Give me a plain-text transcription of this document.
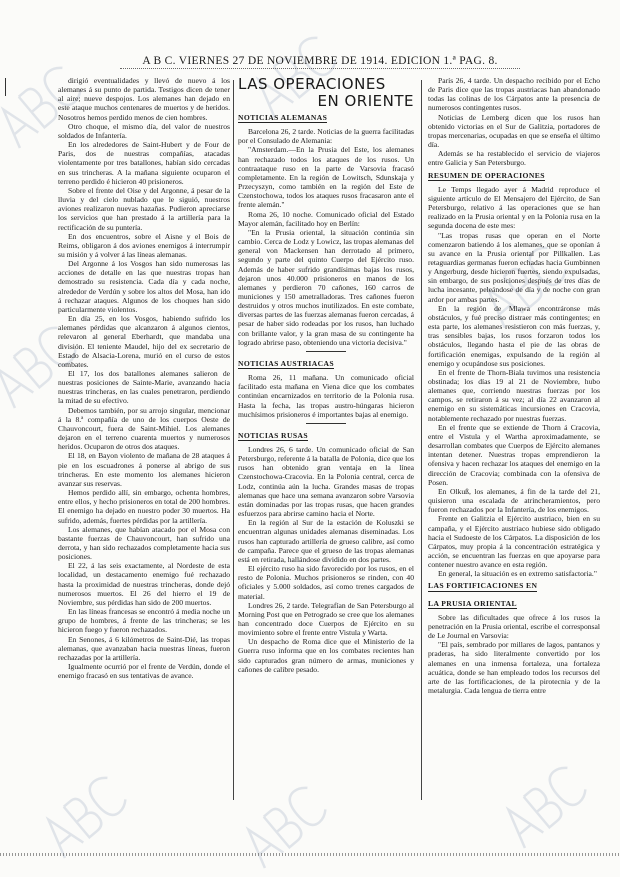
A B C. VIERNES 27 DE NOVIEMBRE DE 1914. EDICION 1.ª PAG. 8.

dirigió eventualidades y llevó de nuevo á los alemanes á su punto de partida. Testigos dicen de tener al aire; nueve despojos. Los alemanes han dejado en este ataque muchos centenares de muertos y de heridos. Nosotros hemos perdido menos de cien hombres.

Otro choque, el mismo día, del valor de nuestros soldados de Infantería.

En los alrededores de Saint-Hubert y de Four de Paris, dos de nuestras compañías, atacadas violentamente por tres batallones, habían sido cercadas en sus trincheras. A la mañana siguiente ocuparon el terreno perdido é hicieron 40 prisioneros.

Sobre el frente del Oise y del Argonne, á pesar de la lluvia y del cielo nublado que le siguió, nuestros aviones realizaron nuevas hazañas. Pudieron apreciarse los servicios que han prestado á la artillería para la rectificación de su puntería.

En dos encuentros, sobre el Aisne y el Bois de Reims, obligaron á dos aviones enemigos á interrumpir su misión y á volver á las líneas alemanas.

Del Argonne á los Vosgos han sido numerosas las acciones de detalle en las que nuestras tropas han demostrado su resistencia. Cada día y cada noche, alrededor de Verdún y sobre los altos del Mosa, han ido á rechazar ataques. Algunos de los choques han sido particularmente violentos.

En día 25, en los Vosgos, habiendo sufrido los alemanes pérdidas que alcanzaron á algunos cientos, relevaron al general Eberhardt, que mandaba una división. El teniente Maudel, hijo del ex secretario de Estado de Alsacia-Lorena, murió en el curso de estos combates.

El 17, los dos batallones alemanes salieron de nuestras posiciones de Sainte-Marie, avanzando hacia nuestras trincheras, en las cuales penetraron, perdiendo la mitad de su efectivo.

Debemos también, por su arrojo singular, mencionar á la 8.ª compañía de uno de los cuerpos Oeste de Chauvoncourt, fuera de Saint-Mihiel. Los alemanes dejaron en el terreno cuarenta muertos y numerosos heridos. Ocuparon de otros dos ataques.

El 18, en Bayon violento de mañana de 28 ataques á pie en los escuadrones á ponerse al abrigo de sus trincheras. En este momento los alemanes hicieron avanzar sus reservas.

Hemos perdido allí, sin embargo, ochenta hombres, entre ellos, y hecho prisioneros en total de 200 hombres. El enemigo ha dejado en nuestro poder 30 muertos. Ha sufrido, además, fuertes pérdidas por la artillería.

Los alemanes, que habían atacado por el Mosa con bastante fuerzas de Chauvoncourt, han sufrido una derrota, y han sido rechazados completamente hacia sus posiciones.

El 22, á las seis exactamente, al Nordeste de esta localidad, un destacamento enemigo fué rechazado hasta la proximidad de nuestras trincheras, donde dejó numerosos muertos. El 26 del hierro el 19 de Noviembre, sus pérdidas han sido de 200 muertos.

En las líneas francesas se encontró á media noche un grupo de hombres, á frente de las trincheras; se les hicieron fuego y fueron rechazados.

En Senones, á 6 kilómetros de Saint-Dié, las tropas alemanas, que avanzaban hacia nuestras líneas, fueron rechazadas por la artillería.

Igualmente ocurrió por el frente de Verdún, donde el enemigo fracasó en sus tentativas de avance.

LAS OPERACIONES
EN ORIENTE

NOTICIAS ALEMANAS

Barcelona 26, 2 tarde. Noticias de la guerra facilitadas por el Consulado de Alemania:

"Amsterdam.—En la Prusia del Este, los alemanes han rechazado todos los ataques de los rusos. Un contraataque ruso en la parte de Varsovia fracasó completamente. En la región de Lowitsch, Sdunskaja y Przecyszyn, como también en la región del Este de Czenstochowa, todos los ataques rusos fracasaron ante el frente alemán."

Roma 26, 10 noche. Comunicado oficial del Estado Mayor alemán, facilitado hoy en Berlín:

"En la Prusia oriental, la situación continúa sin cambio. Cerca de Lodz y Lowicz, las tropas alemanas del general von Mackensen han derrotado al primero, segundo y parte del quinto Cuerpo del Ejército ruso. Además de haber sufrido grandísimas bajas los rusos, dejaron unos 40.000 prisioneros en manos de los alemanes y perdieron 70 cañones, 160 carros de municiones y 150 ametralladoras. Tres cañones fueron destruidos y otros muchos inutilizados. En este combate, diversas partes de las fuerzas alemanas fueron cercadas, á pesar de haber sido rodeadas por los rusos, han luchado con brillante valor, y la gran masa de su contingente ha logrado abrirse paso, obteniendo una victoria decisiva."

NOTICIAS AUSTRIACAS

Roma 26, 11 mañana. Un comunicado oficial facilitado esta mañana en Viena dice que los combates continúan encarnizados en territorio de la Polonia rusa. Hasta la fecha, las tropas austro-húngaras hicieron muchísimos prisioneros é importantes bajas al enemigo.

NOTICIAS RUSAS

Londres 26, 6 tarde. Un comunicado oficial de San Petersburgo, referente á la batalla de Polonia, dice que los rusos han obtenido gran ventaja en la línea Czenstochowa-Cracovia. En la Polonia central, cerca de Lodz, continúa aún la lucha. Grandes masas de tropas alemanas que hace una semana avanzaron sobre Varsovia están dominadas por las tropas rusas, que hacen grandes esfuerzos para abrirse camino hacia el Norte.

En la región al Sur de la estación de Koluszki se encuentran algunas unidades alemanas diseminadas. Los rusos han capturado artillería de grueso calibre, así como de campaña. Parece que el grueso de las tropas alemanas está en retirada, hallándose dividido en dos partes.

El ejército ruso ha sido favorecido por los rusos, en el resto de Polonia. Muchos prisioneros se rinden, con 40 oficiales y 5.000 soldados, así como trenes cargados de material.

Londres 26, 2 tarde. Telegrafían de San Petersburgo al Morning Post que en Petrogrado se cree que los alemanes han concentrado doce Cuerpos de Ejército en su movimiento sobre el frente entre Vistula y Warta.

Un despacho de Roma dice que el Ministerio de la Guerra ruso informa que en los combates recientes han sido capturados gran número de armas, municiones y cañones de calibre pesado.

París 26, 4 tarde. Un despacho recibido por el Echo de Paris dice que las tropas austriacas han abandonado todas las colinas de los Cárpatos ante la presencia de numerosos contingentes rusos.

Noticias de Lemberg dicen que los rusos han obtenido victorias en el Sur de Galitzia, portadores de tropas mercenarias, ocupadas en que se enseña el último día.

Además se ha restablecido el servicio de viajeros entre Galicia y San Petersburgo.

RESUMEN DE OPERACIONES

Le Temps llegado ayer á Madrid reproduce el siguiente artículo de El Mensajero del Ejército, de San Petersburgo, relativo á las operaciones que se han realizado en la Prusia oriental y en la Polonia rusa en la segunda docena de este mes:

"Las tropas rusas que operan en el Norte comenzaron batiendo á los alemanes, que se oponían á su avance en la Prusia oriental por Pillkallen. Las retaguardias germanas fueron echadas hacia Gumbinnen y Angerburg, desde hicieron fuertes, siendo expulsadas, sin embargo, de sus posiciones después de tres días de lucha incesante, peleándose de día y de noche con gran ardor por ambas partes.

En la región de Mlawa encontráronse más obstáculos, y fué preciso distraer más contingentes; en esta parte, los alemanes resistieron con más fuerzas, y, tras sensibles bajas, los rusos forzaron todos los obstáculos, llegando hasta el pie de las obras de fortificación enemigas, expulsando de la región al enemigo y ocupándose sus posiciones.

En el frente de Thorn-Biala tuvimos una resistencia obstinada; los días 19 al 21 de Noviembre, hubo alemanes que, corriendo nuestras fuerzas por los campos, se retiraron á su vez; al día 22 avanzaron al enemigo en su sistemáticas incursiones en Cracovia, notablemente rechazado por nuestras fuerzas.

En el frente que se extiende de Thorn á Cracovia, entre el Vistula y el Wartha aproximadamente, se desarrollan combates que Cuerpos de Ejército alemanes intentan detener. Nuestras tropas emprendieron la ofensiva y hacen rechazar los ataques del enemigo en la dirección de Cracovia; combinada con la ofensiva de Posen.

En Olkuß, los alemanes, á fin de la tarde del 21, quisieron una escalada de atrincheramientos, pero fueron rechazados por la Infantería, de los enemigos.

Frente en Galitzia el Ejército austriaco, bien en su campaña, y el Ejército austriaco hubiese sido obligado hacia el Sudoeste de los Cárpatos. La disposición de los Cárpatos, muy propia á la concentración estratégica y acción, se encuentran las fuerzas en que apoyarse para contener nuestro avance en esta región.

En general, la situación es en extremo satisfactoria."

LAS FORTIFICACIONES EN
LA PRUSIA ORIENTAL

Sobre las dificultades que ofrece á los rusos la penetración en la Prusia oriental, escribe el corresponsal de Le Journal en Varsovia:

"El país, sembrado por millares de lagos, pantanos y praderas, ha sido literalmente convertido por los alemanes en una inmensa fortaleza, una fortaleza acuática, donde se han empleado todos los recursos del arte de las fortificaciones, de la pirotecnia y de la metalurgia. Cada lengua de tierra entre
